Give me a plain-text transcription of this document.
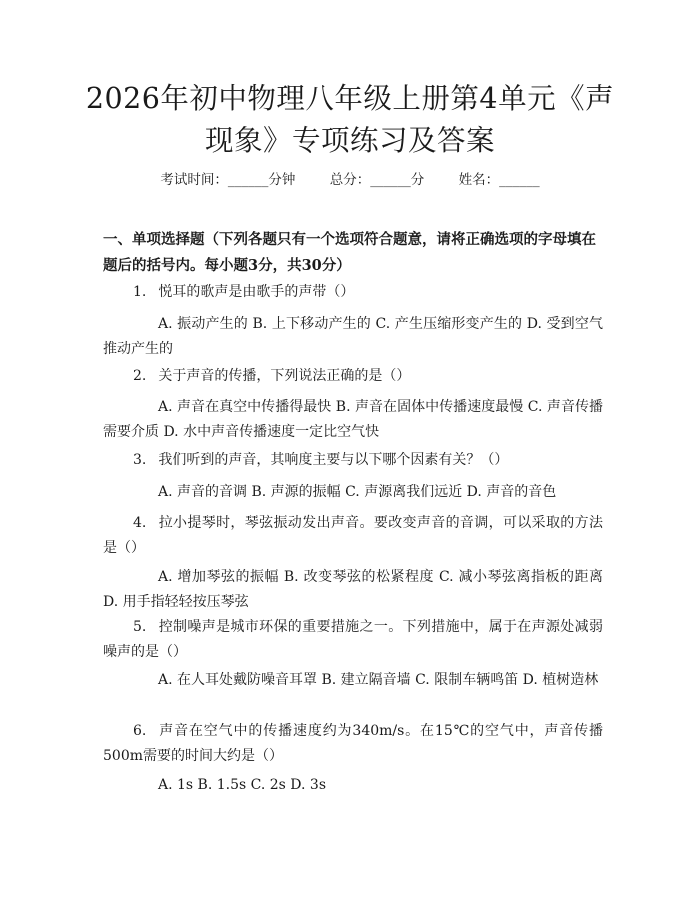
2026年初中物理八年级上册第4单元《声现象》专项练习及答案
考试时间：______分钟	总分：______分	姓名：______

一、单项选择题（下列各题只有一个选项符合题意，请将正确选项的字母填在题后的括号内。每小题3分，共30分）

1. 悦耳的歌声是由歌手的声带（）

A. 振动产生的 B. 上下移动产生的 C. 产生压缩形变产生的 D. 受到空气推动产生的

2. 关于声音的传播，下列说法正确的是（）

A. 声音在真空中传播得最快 B. 声音在固体中传播速度最慢 C. 声音传播需要介质 D. 水中声音传播速度一定比空气快

3. 我们听到的声音，其响度主要与以下哪个因素有关？（）

A. 声音的音调 B. 声源的振幅 C. 声源离我们远近 D. 声音的音色

4. 拉小提琴时，琴弦振动发出声音。要改变声音的音调，可以采取的方法是（）

A. 增加琴弦的振幅 B. 改变琴弦的松紧程度 C. 减小琴弦离指板的距离 D. 用手指轻轻按压琴弦

5. 控制噪声是城市环保的重要措施之一。下列措施中，属于在声源处减弱噪声的是（）

A. 在人耳处戴防噪音耳罩 B. 建立隔音墙 C. 限制车辆鸣笛 D. 植树造林

6. 声音在空气中的传播速度约为340m/s。在15℃的空气中，声音传播500m需要的时间大约是（）

A. 1s B. 1.5s C. 2s D. 3s
